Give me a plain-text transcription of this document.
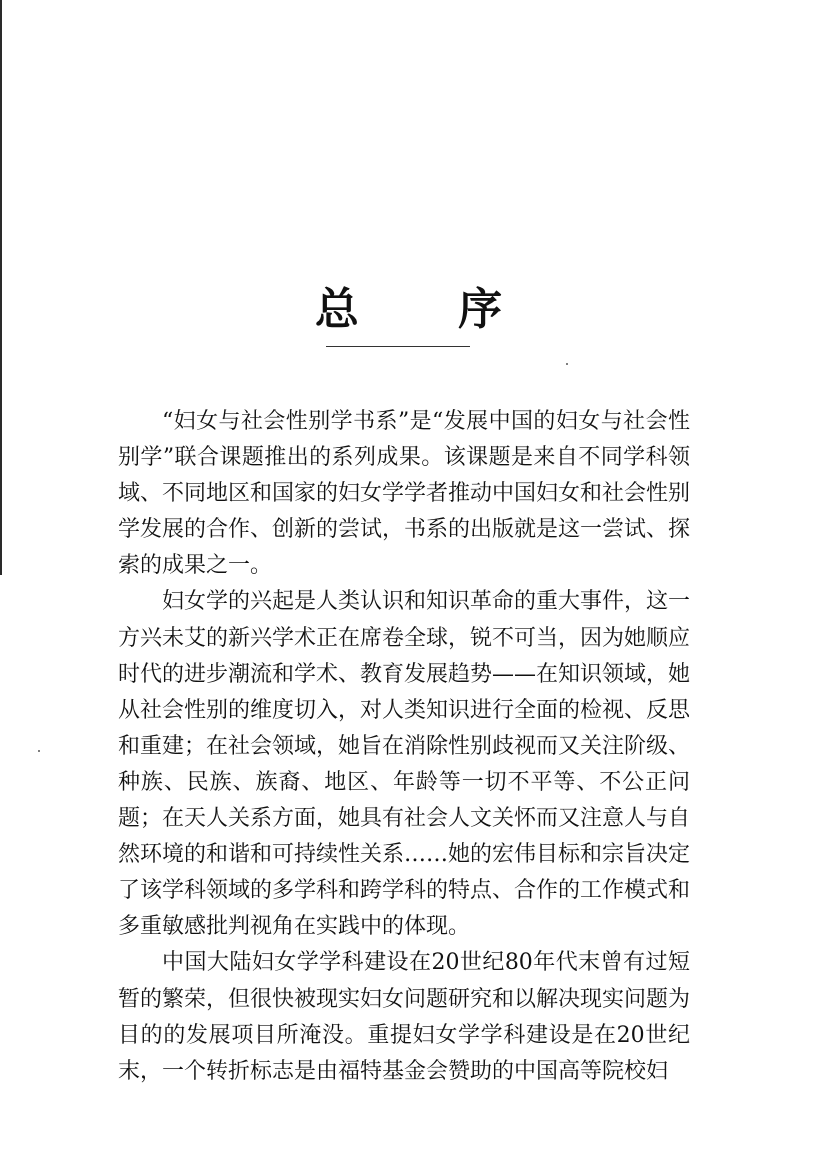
总 序

“妇女与社会性别学书系”是“发展中国的妇女与社会性别学”联合课题推出的系列成果。该课题是来自不同学科领域、不同地区和国家的妇女学学者推动中国妇女和社会性别学发展的合作、创新的尝试，书系的出版就是这一尝试、探索的成果之一。

妇女学的兴起是人类认识和知识革命的重大事件，这一方兴未艾的新兴学术正在席卷全球，锐不可当，因为她顺应时代的进步潮流和学术、教育发展趋势——在知识领域，她从社会性别的维度切入，对人类知识进行全面的检视、反思和重建；在社会领域，她旨在消除性别歧视而又关注阶级、种族、民族、族裔、地区、年龄等一切不平等、不公正问题；在天人关系方面，她具有社会人文关怀而又注意人与自然环境的和谐和可持续性关系……她的宏伟目标和宗旨决定了该学科领域的多学科和跨学科的特点、合作的工作模式和多重敏感批判视角在实践中的体现。

中国大陆妇女学学科建设在20世纪80年代末曾有过短暂的繁荣，但很快被现实妇女问题研究和以解决现实问题为目的的发展项目所淹没。重提妇女学学科建设是在20世纪末，一个转折标志是由福特基金会赞助的中国高等院校妇
